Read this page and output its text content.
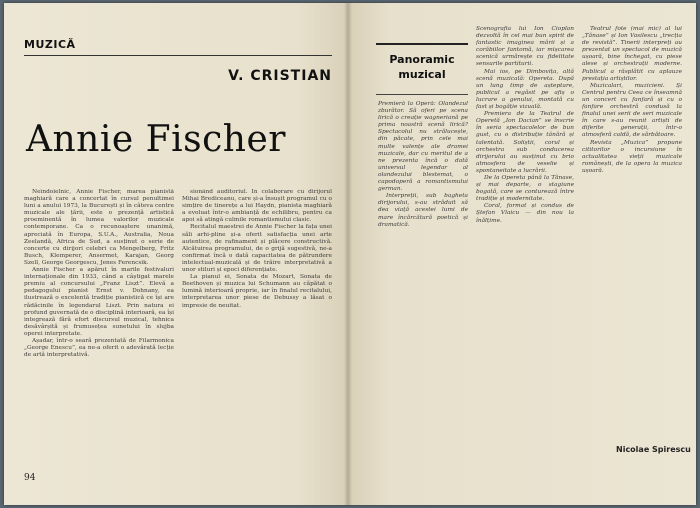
MUZICĂ
V. CRISTIAN
Annie Fischer

Neîndoielnic, Annie Fischer, marea pianistă maghiară care a concertat în cursul penultimei luni a anului 1973, la București și în câteva centre muzicale ale țării, este o prezență artistică proeminentă în lumea valorilor muzicale contemporane. Ca o recunoaștere unanimă, apreciată în Europa, S.U.A., Australia, Noua Zeelandă, Africa de Sud, a susținut o serie de concerte cu dirijori celebri ca Mengelberg, Fritz Busch, Klemperer, Ansermet, Karajan, Georg Szell, George Georgescu, Jenes Ferencsik.

Annie Fischer a apărut în marile festivaluri internaționale din 1933, când a câștigat marele premiu al concursului „Franz Liszt”. Elevă a pedagogului pianist Ernst v. Dohnany, ea ilustrează o excelentă tradiție pianistică ce își are rădăcinile în legendarul Liszt. Prin natura ei profund guvernată de o disciplină interioară, ea își integrează fără efort discursul muzical, tehnica desăvârșită și frumusețea sunetului în slujba operei interpretate.

Așadar, într-o seară prezentată de Filarmonica „George Enescu”, ea ne-a oferit o adevărată lecție de artă interpretativă.

sionând auditoriul. În colaborare cu dirijorul Mihai Brediceanu, care și-a însușit programul cu o simțire de tinerețe a lui Haydn, pianista maghiară a evoluat într-o ambianță de echilibru, pentru ca apoi să atingă culmile romantismului clasic.

Recitalul maestrei de Annie Fischer la fața unei săli arhi-pline și-a oferit satisfacția unei arte autentice, de rafinament și plăcere constructivă. Alcătuirea programului, de o grijă sugestivă, ne-a confirmat încă o dată capacitatea de pătrundere intelectual-muzicală și de trăire interpretativă a unor stiluri și epoci diferențiate.

La pianul ei, Sonata de Mozart, Sonata de Beethoven și muzica lui Schumann au căpătat o lumină interioară proprie, iar în finalul recitalului, interpretarea unor piese de Debussy a lăsat o impresie de neuitat.

94
Panoramic muzical

Premieră la Operă: Olandezul zburător. Să oferi pe scena lirică o creație wagneriană pe prima noastră scenă lirică? Spectacolul nu strălucește, din păcate, prin cele mai multe valențe ale dramei muzicale, dar cu meritul de a ne prezenta încă o dată universul legendar al olandezului blestemat, o capodoperă a romantismului german.

Interpreții, sub bagheta dirijorului, s-au străduit să dea viață acestei lumi de mare încărcătură poetică și dramatică.

Scenografia lui Ion Cioplan dezvoltă în cel mai bun spirit de fantastic imaginea mării și a corăbiilor fantomă, iar mișcarea scenică urmărește cu fidelitate sensurile partiturii.

Mai ios, pe Dimbovița, altă scenă muzicală: Opereta. După un lung timp de așteptare, publicul a regăsit pe afiș o lucrare a genului, montată cu fast și bogăție vizuală.

Premiera de la Teatrul de Operetă „Ion Dacian” se înscrie în seria spectacolelor de bun gust, cu o distribuție tânără și talentată. Soliștii, corul și orchestra sub conducerea dirijorului au susținut cu brio atmosfera de veselie și spontaneitate a lucrării.

De la Opereta până la Tănase, și mai departe, o stagiune bogată, care se conturează între tradiție și modernitate.

Coral, format și condus de Ștefan Vlaicu — din nou la înălțime.

Teatrul fote (mai mic) al lui „Tănase” și Ion Vasilescu „trecția de revistă”. Tinerii interpreți au prezentat un spectacol de muzică ușoară, bine închegat, cu piese alese și orchestrații moderne. Publicul a răsplătit cu aplauze prestația artiștilor.

Muzicalari, muzicieni. Și Centrul pentru Ceea ce înseamnă un concert cu fanfară și cu o fanfare orchestră condusă la finalul unei serii de seri muzicale în care s-au reunit artiști de diferite generații, într-o atmosferă caldă, de sărbătoare.

Revista „Muzica” propune cititorilor o incursiune în actualitatea vieții muzicale românești, de la opera la muzica ușoară.

Nicolae Spirescu
